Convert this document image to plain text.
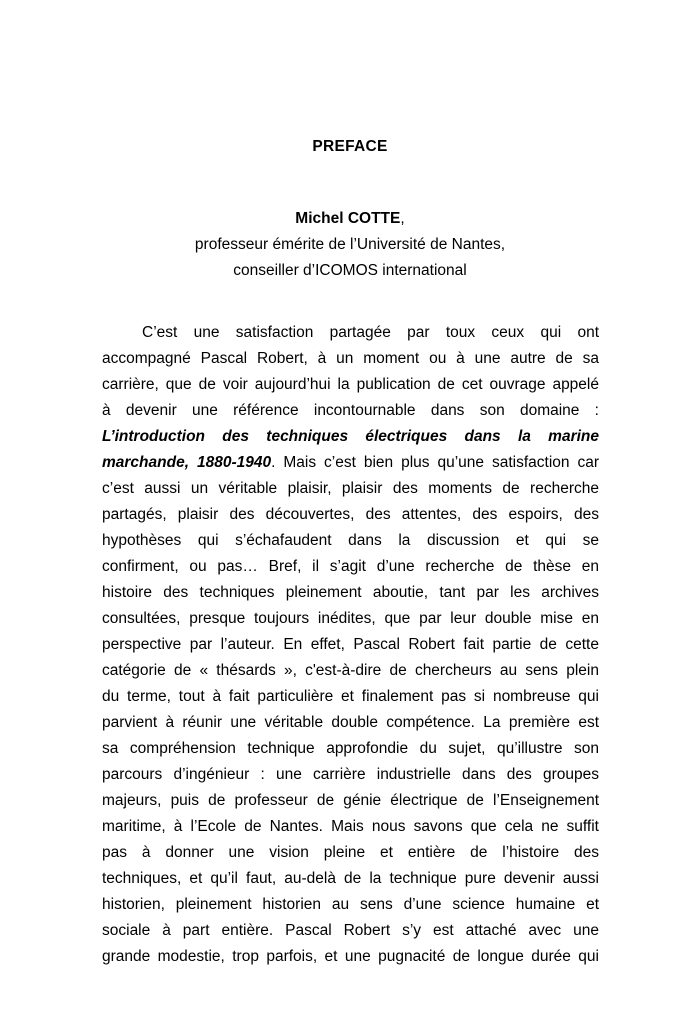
PREFACE
Michel COTTE,
professeur émérite de l’Université de Nantes,
conseiller d’ICOMOS international
C’est une satisfaction partagée par toux ceux qui ont
accompagné Pascal Robert, à un moment ou à une autre de sa
carrière, que de voir aujourd’hui la publication de cet ouvrage appelé
à devenir une référence incontournable dans son domaine :
L’introduction des techniques électriques dans la marine
marchande, 1880-1940. Mais c’est bien plus qu’une satisfaction car
c’est aussi un véritable plaisir, plaisir des moments de recherche
partagés, plaisir des découvertes, des attentes, des espoirs, des
hypothèses qui s’échafaudent dans la discussion et qui se
confirment, ou pas… Bref, il s’agit d’une recherche de thèse en
histoire des techniques pleinement aboutie, tant par les archives
consultées, presque toujours inédites, que par leur double mise en
perspective par l’auteur. En effet, Pascal Robert fait partie de cette
catégorie de « thésards », c'est-à-dire de chercheurs au sens plein
du terme, tout à fait particulière et finalement pas si nombreuse qui
parvient à réunir une véritable double compétence. La première est
sa compréhension technique approfondie du sujet, qu’illustre son
parcours d’ingénieur : une carrière industrielle dans des groupes
majeurs, puis de professeur de génie électrique de l’Enseignement
maritime, à l’Ecole de Nantes. Mais nous savons que cela ne suffit
pas à donner une vision pleine et entière de l’histoire des
techniques, et qu’il faut, au-delà de la technique pure devenir aussi
historien, pleinement historien au sens d’une science humaine et
sociale à part entière. Pascal Robert s’y est attaché avec une
grande modestie, trop parfois, et une pugnacité de longue durée qui
